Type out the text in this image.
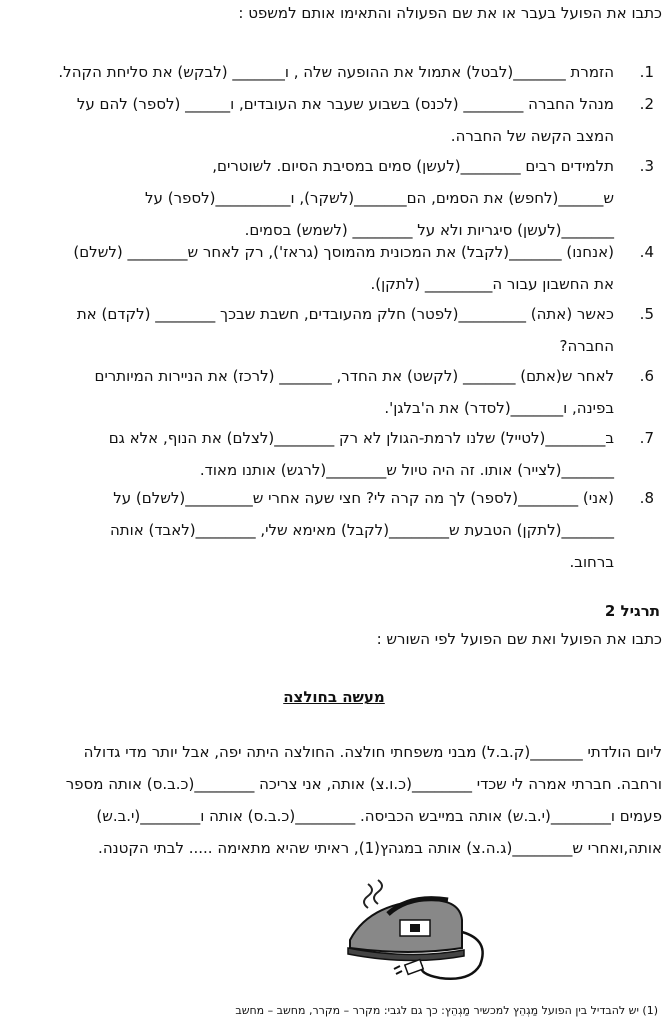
כתבו את הפועל בעבר או את שם הפעולה והתאימו אותם למשפט :
1.
הזמרת _______(לבטל) אתמול את ההופעה שלה , ו_______ (לבקש) את סליחת הקהל.
2.
מנהל החברה ________ (לכנס) בשבוע שעבר את העובדים, ו______ (לספר) להם על
המצב הקשה של החברה.
3.
תלמידים רבים ________(לעשן) סמים במסיבת הסיום. לשוטרים,
ש______(לחפש) את הסמים, הם_______(לשקר), ו__________(לספר) על
_______(לעשן) סיגריות ולא על ________ (לשמש) בסמים.
4.
(אנחנו) _______(לקבל) את המכונית מהמוסך (גראז'), רק לאחר ש________ (לשלם)
את החשבון עבור ה_________ (לתקן).
5.
כאשר (אתה) _________(לפטר) חלק מהעובדים, חשבת שבכך ________ (לקדם) את
החברה?
6.
לאחר ש(אתם) _______ (לקשט) את החדר, _______ (לרכז) את הניירות המיותרים
בפינה, ו_______(לסדר) את ה'בלגן'.
7.
ב________(לטייל) שלנו לרמת-הגולן לא רק ________(לצלם) את הנוף, אלא גם
_______(לצייר) אותו. זה היה טיול ש________(לרגש) אותנו מאוד.
8.
(אני) ________(לספר) לך מה קרה לי? חצי שעה אחרי ש_________(לשלם) על
_______(לתקן) הטבעת ש________(לקבל) מאימא שלי, ________(לאבד) אותה
ברחוב.
תרגיל 2
כתבו את הפועל ואת שם הפועל לפי השורש :
מעשה בחולצה
ליום הולדתי _______(ק.ב.ל) מבני משפחתי חולצה. החולצה היתה יפה, אבל יותר מדי גדולה
ורחבה. חברתי אמרה לי שכדי ________(כ.ו.צ) אותה, אני צריכה ________(כ.ב.ס) אותה מספר
פעמים ו________(י.ב.ש) אותה במייבש הכביסה. ________(כ.ב.ס) אותה ו________(י.ב.ש)
אותה,ואחרי ש________(ג.ה.צ) אותה במגהץ(1), ראיתי שהיא מתאימה ..... לבתי הקטנה.
(1) יש להבדיל בין הפועל מַגְהֵץ למכשיר מַגְהֵץ: כך גם לגבי: מקרר – מקרר, מחשב – מחשב
